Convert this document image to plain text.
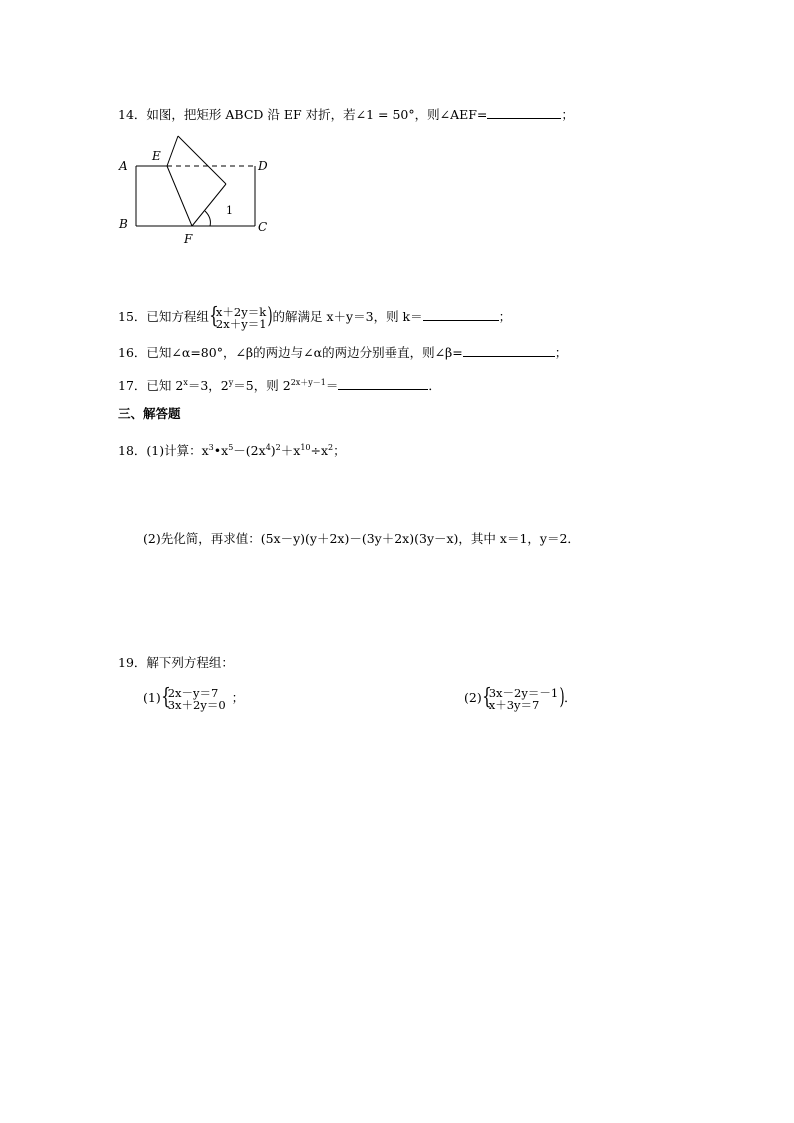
14．如图，把矩形 ABCD 沿 EF 对折，若∠1 = 50°，则∠AEF=	；
A
E
D
B	C
F
1
15．已知方程组 {
x＋2y＝k
2x＋y＝1 ) 的解满足 x＋y＝3，则 k＝	；
16．已知∠α=80°，∠β的两边与∠α的两边分别垂直，则∠β=	；
17．已知 $2^x=3$，$2^y=5$，则 $2^{2x+y-1}=$	．
三、解答题
18．(1)计算：$x^3•x^5-(2x^4)^2+x^{10}\div x^2$；
(2)先化简，再求值：(5x－y)(y＋2x)－(3y＋2x)(3y－x)，其中 x＝1，y＝2．
19．解下列方程组：
(1) {
2x－y＝7
3x＋2y＝0 ；	(2) {
3x－2y＝－1
x＋3y＝7 ) ．
